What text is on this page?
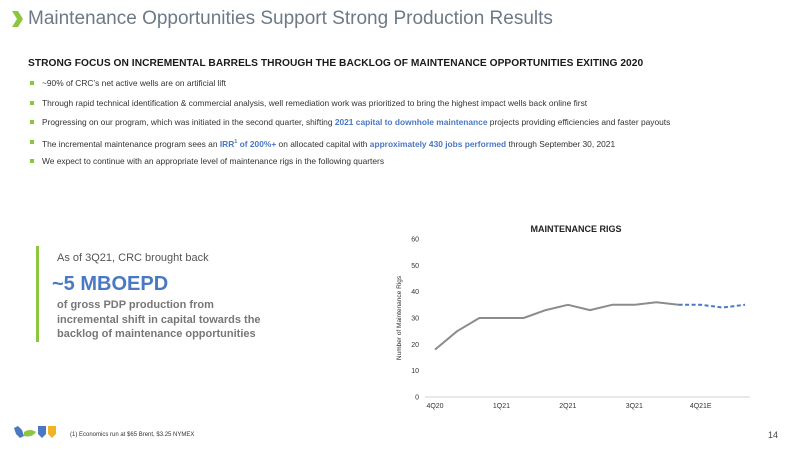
Maintenance Opportunities Support Strong Production Results
STRONG FOCUS ON INCREMENTAL BARRELS THROUGH THE BACKLOG OF MAINTENANCE OPPORTUNITIES EXITING 2020
~90% of CRC’s net active wells are on artificial lift
Through rapid technical identification & commercial analysis, well remediation work was prioritized to bring the highest impact wells back online first
Progressing on our program, which was initiated in the second quarter, shifting 2021 capital to downhole maintenance projects providing efficiencies and faster payouts
The incremental maintenance program sees an IRR$^1$ of 200%+ on allocated capital with approximately 430 jobs performed through September 30, 2021
We expect to continue with an appropriate level of maintenance rigs in the following quarters
As of 3Q21, CRC brought back
~5 MBOEPD
of gross PDP production from incremental shift in capital towards the backlog of maintenance opportunities
MAINTENANCE RIGS
Number of Maintenance Rigs
0
10
20
30
40
50
60
4Q20	1Q21	2Q21	3Q21	4Q21E
(1) Economics run at $65 Brent, $3.25 NYMEX	14
